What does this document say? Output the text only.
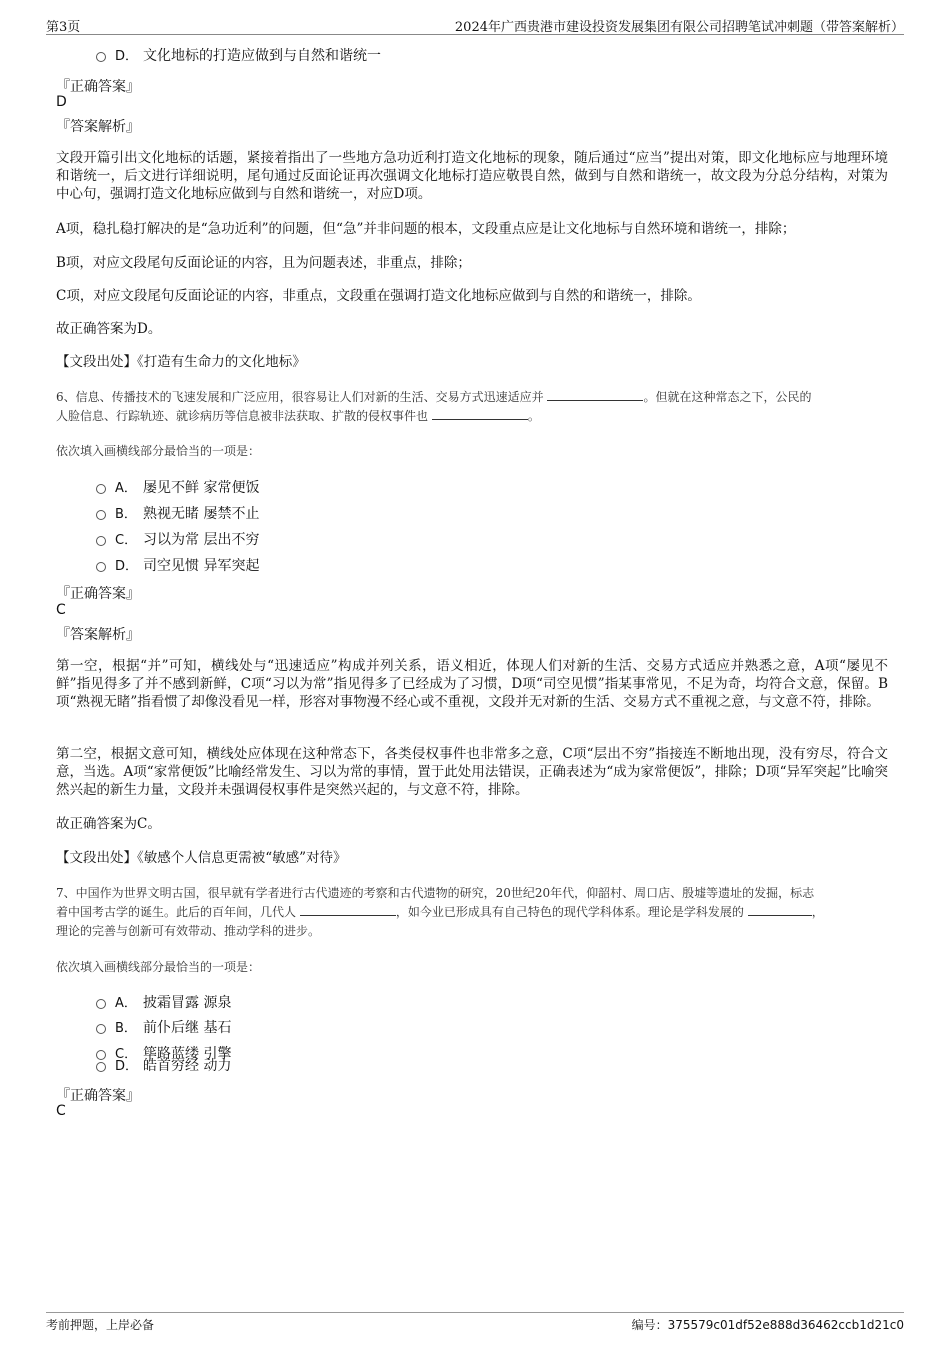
第3页	2024年广西贵港市建设投资发展集团有限公司招聘笔试冲刺题（带答案解析）
D． 文化地标的打造应做到与自然和谐统一
『正确答案』
D
『答案解析』
文段开篇引出文化地标的话题，紧接着指出了一些地方急功近利打造文化地标的现象，随后通过“应当”提出对策，即文化地标应与地理环境和谐统一，后文进行详细说明，尾句通过反面论证再次强调文化地标打造应敬畏自然，做到与自然和谐统一，故文段为分总分结构，对策为中心句，强调打造文化地标应做到与自然和谐统一，对应D项。
A项，稳扎稳打解决的是“急功近利”的问题，但“急”并非问题的根本，文段重点应是让文化地标与自然环境和谐统一，排除；
B项，对应文段尾句反面论证的内容，且为问题表述，非重点，排除；
C项，对应文段尾句反面论证的内容，非重点，文段重在强调打造文化地标应做到与自然的和谐统一，排除。
故正确答案为D。
【文段出处】《打造有生命力的文化地标》
6、信息、传播技术的飞速发展和广泛应用，很容易让人们对新的生活、交易方式迅速适应并	。但就在这种常态之下，公民的
人脸信息、行踪轨迹、就诊病历等信息被非法获取、扩散的侵权事件也	。
依次填入画横线部分最恰当的一项是：
A． 屡见不鲜 家常便饭
B． 熟视无睹 屡禁不止
C． 习以为常 层出不穷
D． 司空见惯 异军突起
『正确答案』
C
『答案解析』
第一空，根据“并”可知，横线处与“迅速适应”构成并列关系，语义相近，体现人们对新的生活、交易方式适应并熟悉之意，A项“屡见不鲜”指见得多了并不感到新鲜，C项“习以为常”指见得多了已经成为了习惯，D项“司空见惯”指某事常见，不足为奇，均符合文意，保留。B项“熟视无睹”指看惯了却像没看见一样，形容对事物漫不经心或不重视，文段并无对新的生活、交易方式不重视之意，与文意不符，排除。
第二空，根据文意可知，横线处应体现在这种常态下，各类侵权事件也非常多之意，C项“层出不穷”指接连不断地出现，没有穷尽，符合文意，当选。A项“家常便饭”比喻经常发生、习以为常的事情，置于此处用法错误，正确表述为“成为家常便饭”，排除；D项“异军突起”比喻突然兴起的新生力量，文段并未强调侵权事件是突然兴起的，与文意不符，排除。
故正确答案为C。
【文段出处】《敏感个人信息更需被“敏感”对待》
7、中国作为世界文明古国，很早就有学者进行古代遗迹的考察和古代遗物的研究，20世纪20年代，仰韶村、周口店、殷墟等遗址的发掘，标志
着中国考古学的诞生。此后的百年间，几代人	，如今业已形成具有自己特色的现代学科体系。理论是学科发展的	，
理论的完善与创新可有效带动、推动学科的进步。
依次填入画横线部分最恰当的一项是：
A． 披霜冒露 源泉
B． 前仆后继 基石
C． 筚路蓝缕 引擎
D． 皓首穷经 动力
『正确答案』
C
考前押题，上岸必备	编号：375579c01df52e888d36462ccb1d21c0
